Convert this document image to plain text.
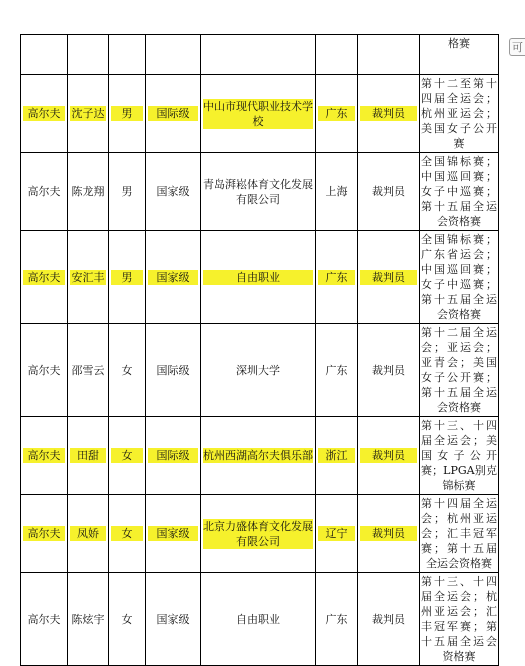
可
							格赛

高尔夫	沈子达	男	国际级	中山市现代职业技术学校	广东	裁判员	第十二至第十四届全运会；杭州亚运会；美国女子公开赛
高尔夫	陈龙翔	男	国家级	青岛湃崧体育文化发展有限公司	上海	裁判员	全国锦标赛；中国巡回赛；女子中巡赛；第十五届全运会资格赛

高尔夫	安汇丰	男	国家级	自由职业	广东	裁判员	全国锦标赛；广东省运会；中国巡回赛；女子中巡赛；第十五届全运会资格赛
高尔夫	邵雪云	女	国际级	深圳大学	广东	裁判员	第十二届全运会；亚运会；亚青会；美国女子公开赛；第十五届全运会资格赛

高尔夫	田甜	女	国际级	杭州西湖高尔夫俱乐部	浙江	裁判员	第十三、十四届全运会；美国女子公开赛；LPGA别克锦标赛

高尔夫	凤娇	女	国家级	北京力盛体育文化发展有限公司	辽宁	裁判员	第十四届全运会；杭州亚运会；汇丰冠军赛；第十五届全运会资格赛
高尔夫	陈炫宇	女	国家级	自由职业	广东	裁判员	第十三、十四届全运会；杭州亚运会；汇丰冠军赛；第十五届全运会资格赛
